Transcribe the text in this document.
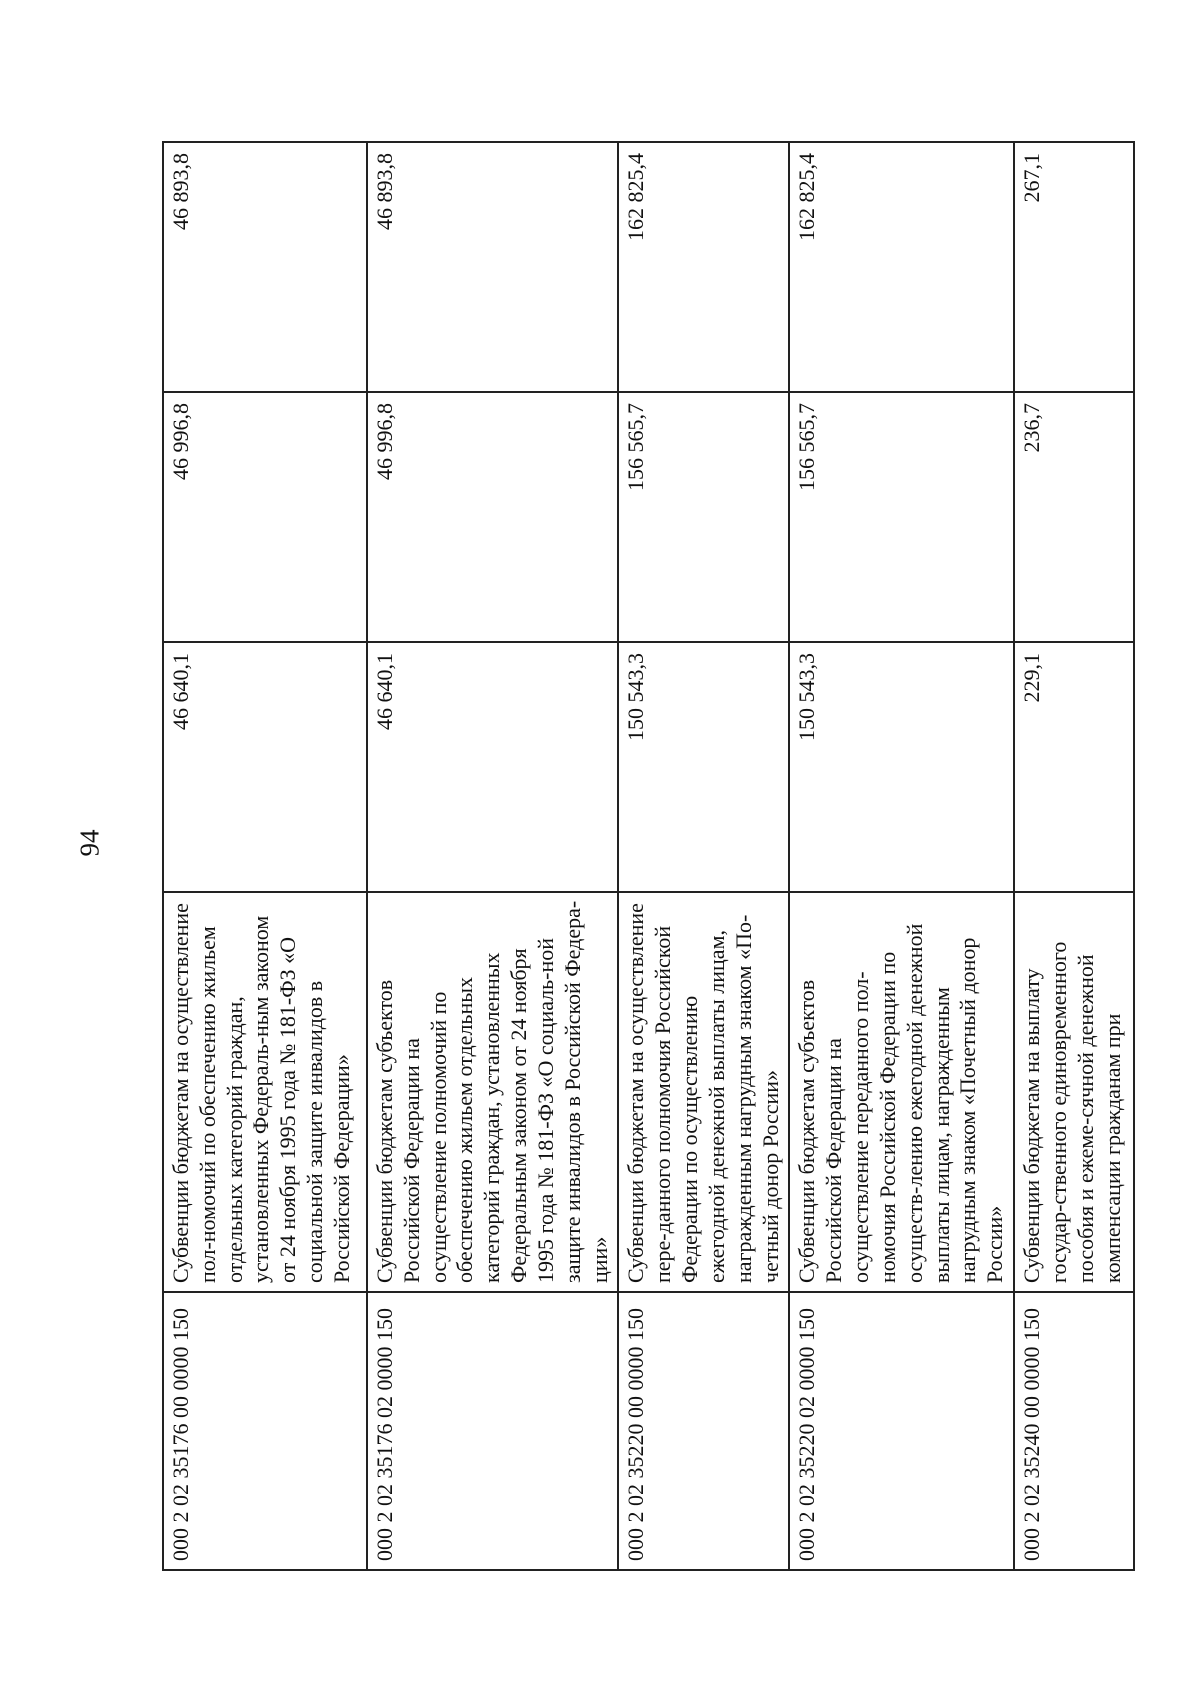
94
000 2 02 35176 00 0000 150	Субвенции бюджетам на осуществление пол-номочий по обеспечению жильем отдельных категорий граждан, установленных Федераль-ным законом от 24 ноября 1995 года № 181-ФЗ «О социальной защите инвалидов в Российской Федерации»	46 640,1	46 996,8	46 893,8
000 2 02 35176 02 0000 150	Субвенции бюджетам субъектов Российской Федерации на осуществление полномочий по обеспечению жильем отдельных категорий граждан, установленных Федеральным законом от 24 ноября 1995 года № 181-ФЗ «О социаль-ной защите инвалидов в Российской Федера-ции»	46 640,1	46 996,8	46 893,8
000 2 02 35220 00 0000 150	Субвенции бюджетам на осуществление пере-данного полномочия Российской Федерации по осуществлению ежегодной денежной выплаты лицам, награжденным нагрудным знаком «По-четный донор России»	150 543,3	156 565,7	162 825,4
000 2 02 35220 02 0000 150	Субвенции бюджетам субъектов Российской Федерации на осуществление переданного пол-номочия Российской Федерации по осуществ-лению ежегодной денежной выплаты лицам, награжденным нагрудным знаком «Почетный донор России»	150 543,3	156 565,7	162 825,4
000 2 02 35240 00 0000 150	Субвенции бюджетам на выплату государ-ственного единовременного пособия и ежеме-сячной денежной компенсации гражданам при	229,1	236,7	267,1
